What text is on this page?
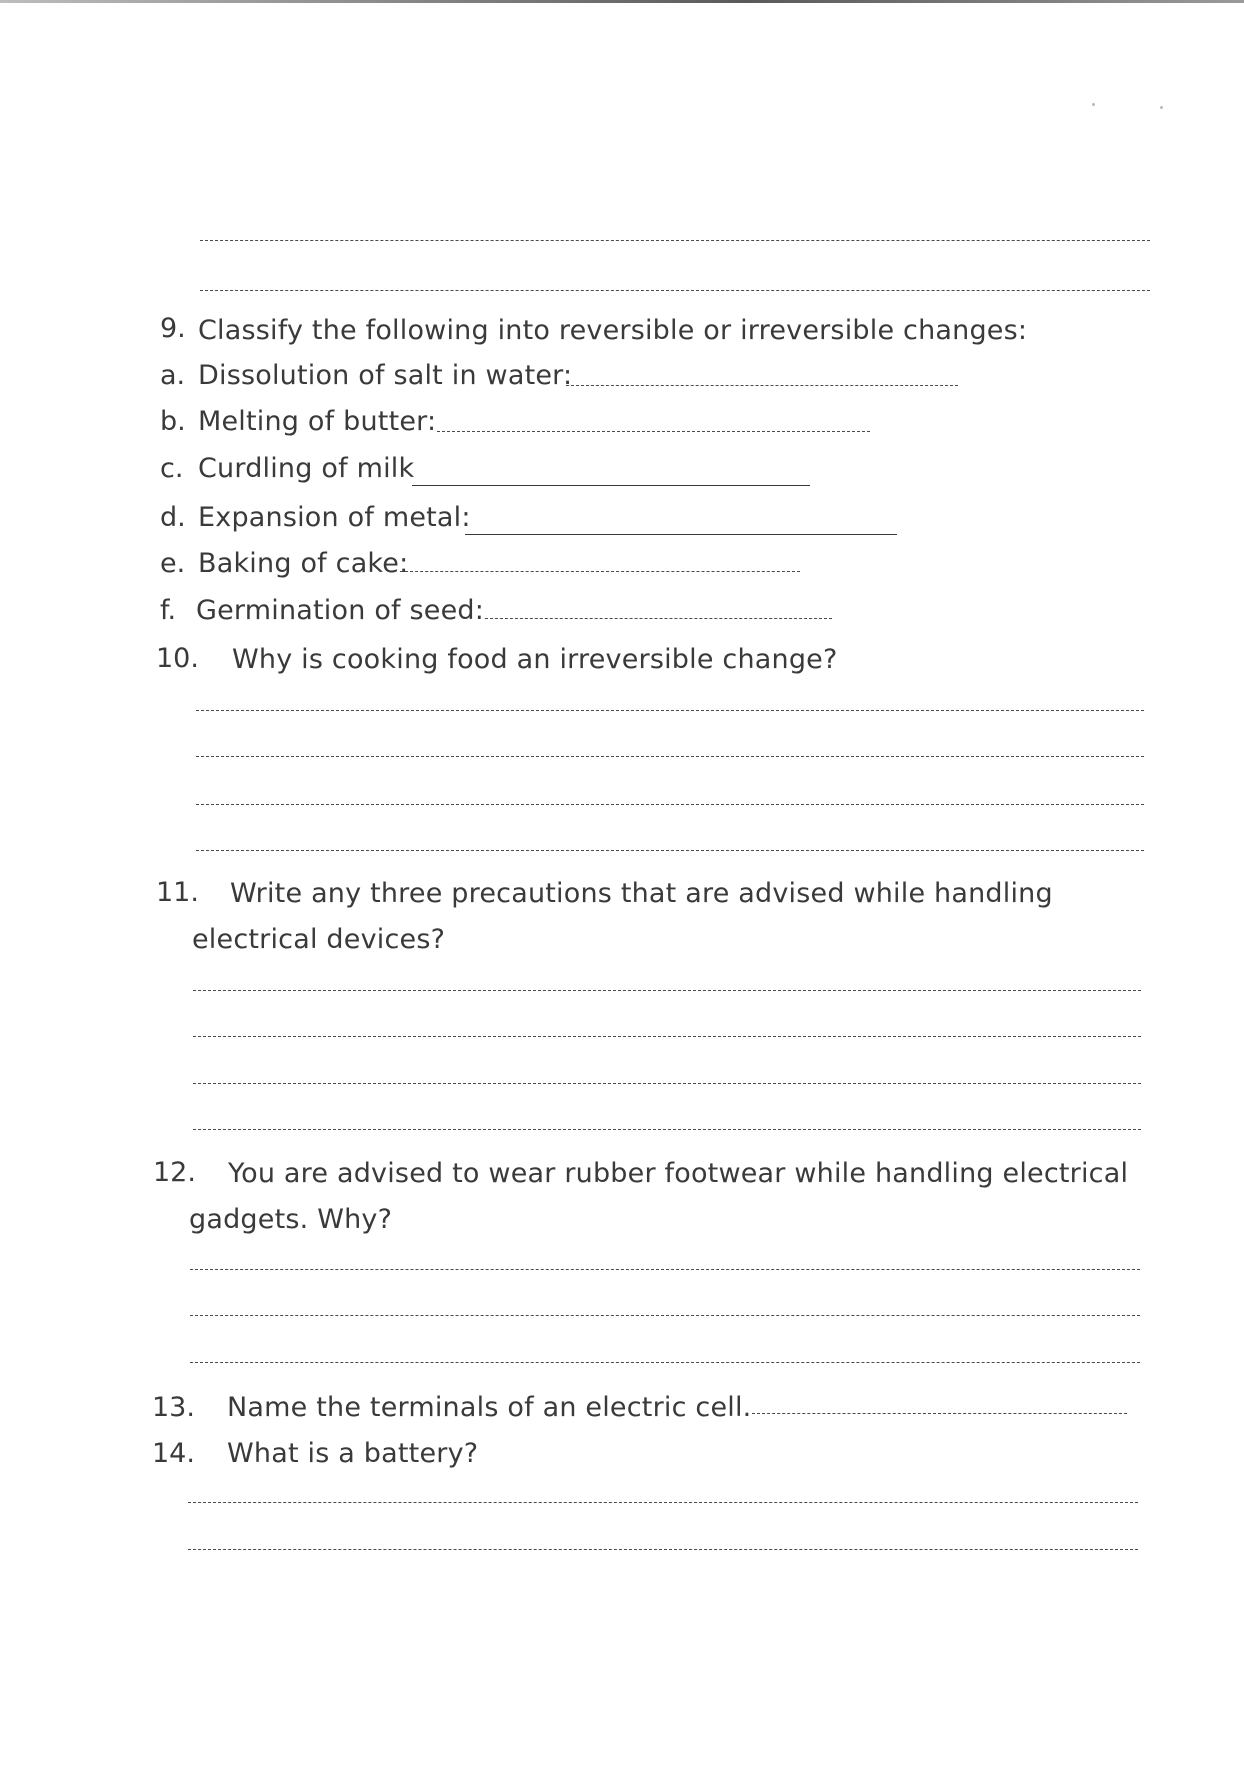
9. Classify the following into reversible or irreversible changes:
a. Dissolution of salt in water:
b. Melting of butter:
c. Curdling of milk
d. Expansion of metal:
e. Baking of cake:
f. Germination of seed:
10. Why is cooking food an irreversible change?
11. Write any three precautions that are advised while handling
electrical devices?
12. You are advised to wear rubber footwear while handling electrical
gadgets. Why?
13. Name the terminals of an electric cell.
14. What is a battery?
